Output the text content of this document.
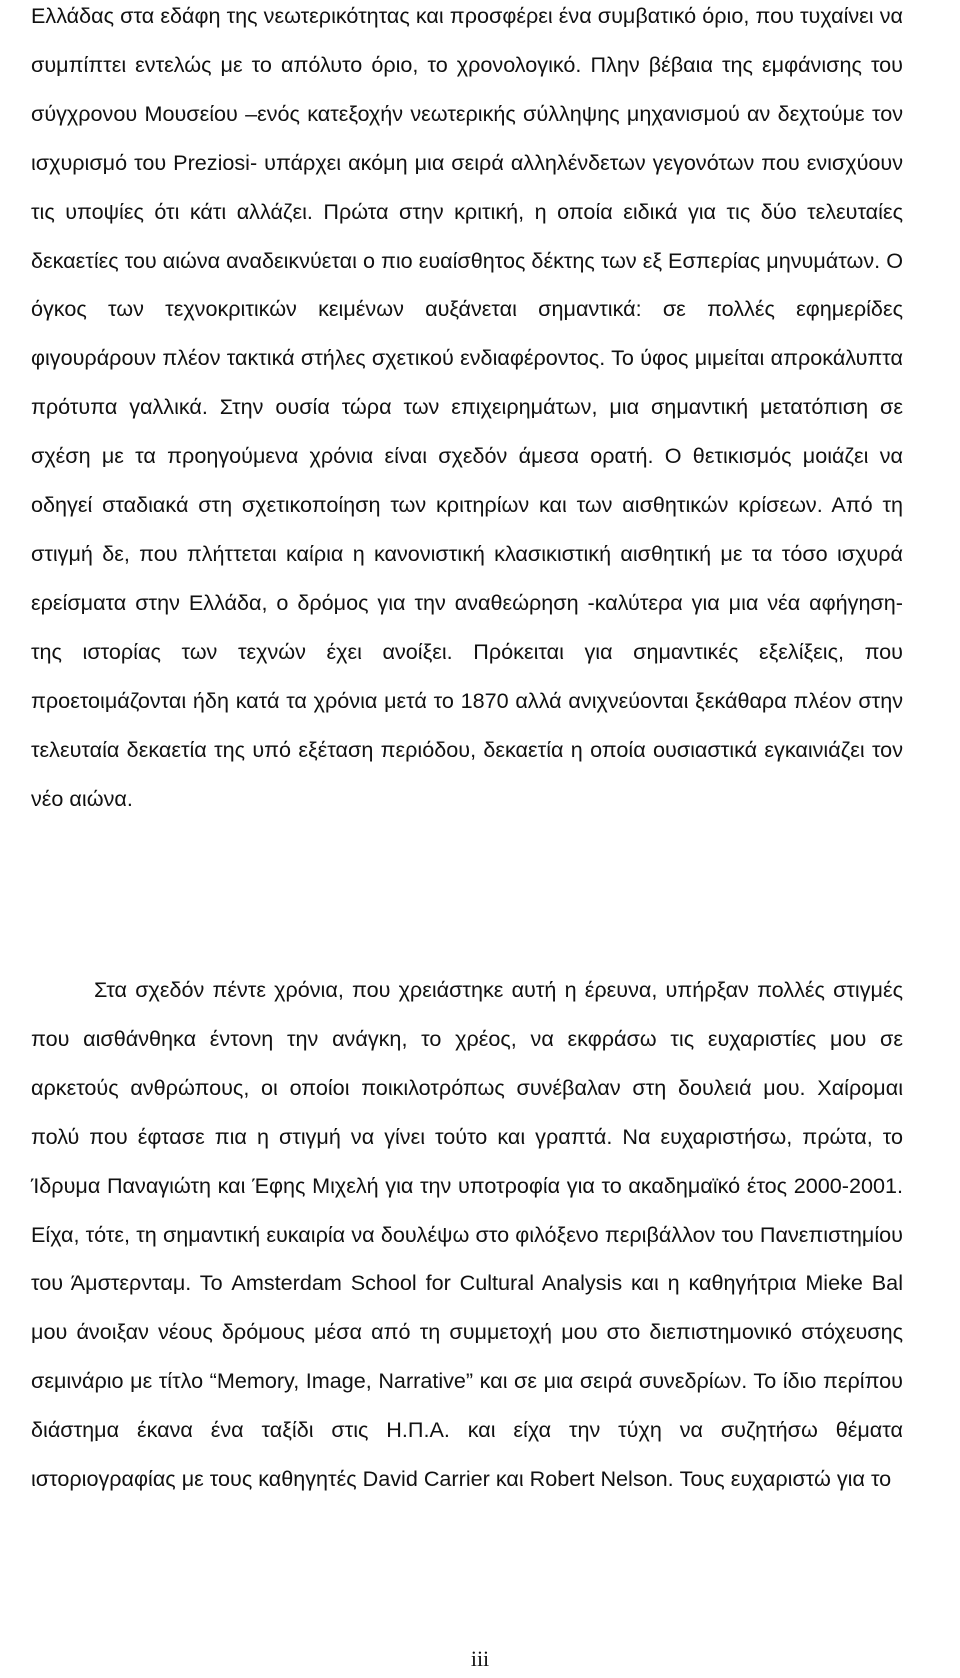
Ελλάδας στα εδάφη της νεωτερικότητας και προσφέρει ένα συμβατικό όριο, που τυχαίνει να συμπίπτει εντελώς με το απόλυτο όριο, το χρονολογικό. Πλην βέβαια της εμφάνισης του σύγχρονου Μουσείου –ενός κατεξοχήν νεωτερικής σύλληψης μηχανισμού αν δεχτούμε τον ισχυρισμό του Preziosi- υπάρχει ακόμη μια σειρά αλληλένδετων γεγονότων που ενισχύουν τις υποψίες ότι κάτι αλλάζει. Πρώτα στην κριτική, η οποία ειδικά για τις δύο τελευταίες δεκαετίες του αιώνα αναδεικνύεται ο πιο ευαίσθητος δέκτης των εξ Εσπερίας μηνυμάτων. Ο όγκος των τεχνοκριτικών κειμένων αυξάνεται σημαντικά: σε πολλές εφημερίδες φιγουράρουν πλέον τακτικά στήλες σχετικού ενδιαφέροντος. Το ύφος μιμείται απροκάλυπτα πρότυπα γαλλικά. Στην ουσία τώρα των επιχειρημάτων, μια σημαντική μετατόπιση σε σχέση με τα προηγούμενα χρόνια είναι σχεδόν άμεσα ορατή. Ο θετικισμός μοιάζει να οδηγεί σταδιακά στη σχετικοποίηση των κριτηρίων και των αισθητικών κρίσεων. Από τη στιγμή δε, που πλήττεται καίρια η κανονιστική κλασικιστική αισθητική με τα τόσο ισχυρά ερείσματα στην Ελλάδα, ο δρόμος για την αναθεώρηση -καλύτερα για μια νέα αφήγηση- της ιστορίας των τεχνών έχει ανοίξει. Πρόκειται για σημαντικές εξελίξεις, που προετοιμάζονται ήδη κατά τα χρόνια μετά το 1870 αλλά ανιχνεύονται ξεκάθαρα πλέον στην τελευταία δεκαετία της υπό εξέταση περιόδου, δεκαετία η οποία ουσιαστικά εγκαινιάζει τον νέο αιώνα.

Στα σχεδόν πέντε χρόνια, που χρειάστηκε αυτή η έρευνα, υπήρξαν πολλές στιγμές που αισθάνθηκα έντονη την ανάγκη, το χρέος, να εκφράσω τις ευχαριστίες μου σε αρκετούς ανθρώπους, οι οποίοι ποικιλοτρόπως συνέβαλαν στη δουλειά μου. Χαίρομαι πολύ που έφτασε πια η στιγμή να γίνει τούτο και γραπτά. Να ευχαριστήσω, πρώτα, το Ίδρυμα Παναγιώτη και Έφης Μιχελή για την υποτροφία για το ακαδημαϊκό έτος 2000-2001. Είχα, τότε, τη σημαντική ευκαιρία να δουλέψω στο φιλόξενο περιβάλλον του Πανεπιστημίου του Άμστερνταμ. Το Amsterdam School for Cultural Analysis και η καθηγήτρια Mieke Bal μου άνοιξαν νέους δρόμους μέσα από τη συμμετοχή μου στο διεπιστημονικό στόχευσης σεμινάριο με τίτλο “Memory, Image, Narrative” και σε μια σειρά συνεδρίων. Το ίδιο περίπου διάστημα έκανα ένα ταξίδι στις Η.Π.Α. και είχα την τύχη να συζητήσω θέματα ιστοριογραφίας με τους καθηγητές David Carrier και Robert Nelson. Τους ευχαριστώ για το

iii
